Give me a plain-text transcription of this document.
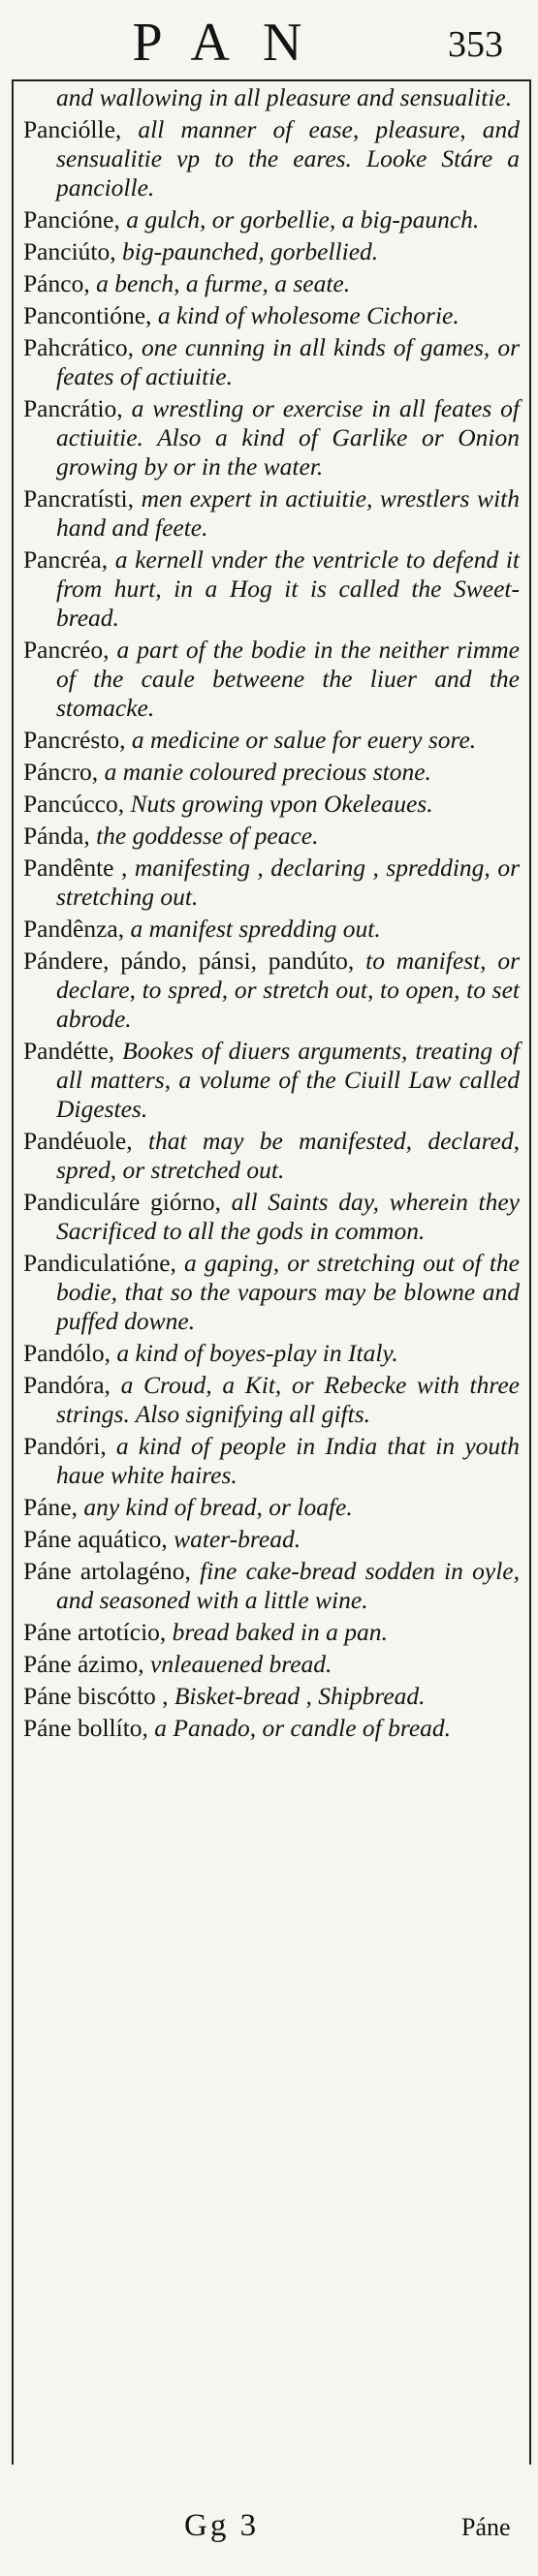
PAN	353

and wallowing in all pleasure and sensualitie.

Panciólle, all manner of ease, pleasure, and sensualitie vp to the eares. Looke Stáre a panciolle.

Pancióne, a gulch, or gorbellie, a big-paunch.

Panciúto, big-paunched, gorbellied.

Pánco, a bench, a furme, a seate.

Pancontióne, a kind of wholesome Cichorie.

Pahcrático, one cunning in all kinds of games, or feates of actiuitie.

Pancrátio, a wrestling or exercise in all feates of actiuitie. Also a kind of Garlike or Onion growing by or in the water.

Pancratísti, men expert in actiuitie, wrestlers with hand and feete.

Pancréa, a kernell vnder the ventricle to defend it from hurt, in a Hog it is called the Sweet-bread.

Pancréo, a part of the bodie in the neither rimme of the caule betweene the liuer and the stomacke.

Pancrésto, a medicine or salue for euery sore.

Páncro, a manie coloured precious stone.

Pancúcco, Nuts growing vpon Okeleaues.

Pánda, the goddesse of peace.

Pandênte , manifesting , declaring , spredding, or stretching out.

Pandênza, a manifest spredding out.

Pándere, pándo, pánsi, pandúto, to manifest, or declare, to spred, or stretch out, to open, to set abrode.

Pandétte, Bookes of diuers arguments, treating of all matters, a volume of the Ciuill Law called Digestes.

Pandéuole, that may be manifested, declared, spred, or stretched out.

Pandiculáre giórno, all Saints day, wherein they Sacrificed to all the gods in common.

Pandiculatióne, a gaping, or stretching out of the bodie, that so the vapours may be blowne and puffed downe.

Pandólo, a kind of boyes-play in Italy.

Pandóra, a Croud, a Kit, or Rebecke with three strings. Also signifying all gifts.

Pandóri, a kind of people in India that in youth haue white haires.

Páne, any kind of bread, or loafe.

Páne aquático, water-bread.

Páne artolagéno, fine cake-bread sodden in oyle, and seasoned with a little wine.

Páne artotício, bread baked in a pan.

Páne ázimo, vnleauened bread.

Páne biscótto , Bisket-bread , Shipbread.

Páne bollíto, a Panado, or candle of bread.

Gg 3	Páne
